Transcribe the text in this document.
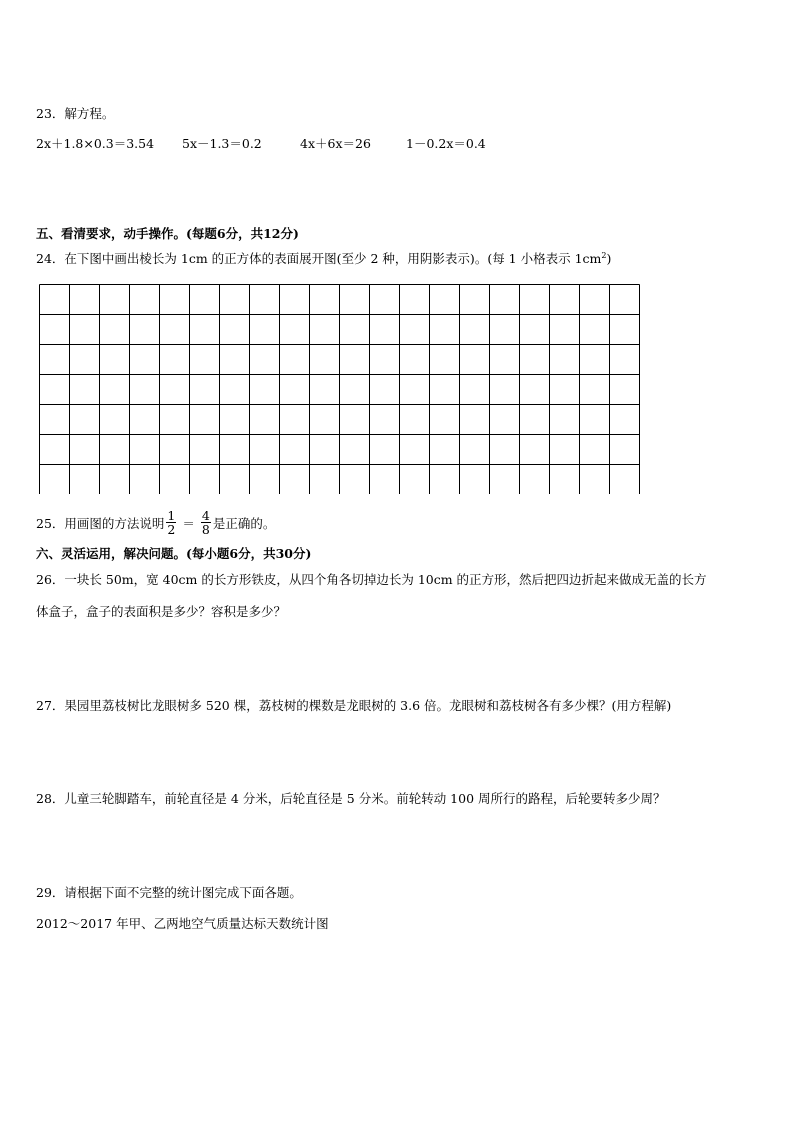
23．解方程。
2x＋1.8×0.3＝3.54 5x－1.3＝0.2	4x＋6x＝26	1－0.2x＝0.4
五、看清要求，动手操作。(每题6分，共12分)
24．在下图中画出棱长为 1cm 的正方体的表面展开图(至少 2 种，用阴影表示)。(每 1 小格表示 $1cm^2$)
25．用画图的方法说明 $\frac{1}{2} = \frac{4}{8}$ 是正确的。
六、灵活运用，解决问题。(每小题6分，共30分)
26．一块长 50m，宽 40cm 的长方形铁皮，从四个角各切掉边长为 10cm 的正方形，然后把四边折起来做成无盖的长方
体盒子，盒子的表面积是多少？容积是多少？
27．果园里荔枝树比龙眼树多 520 棵，荔枝树的棵数是龙眼树的 3.6 倍。龙眼树和荔枝树各有多少棵？(用方程解)
28．儿童三轮脚踏车，前轮直径是 4 分米，后轮直径是 5 分米。前轮转动 100 周所行的路程，后轮要转多少周？
29．请根据下面不完整的统计图完成下面各题。
2012～2017 年甲、乙两地空气质量达标天数统计图
